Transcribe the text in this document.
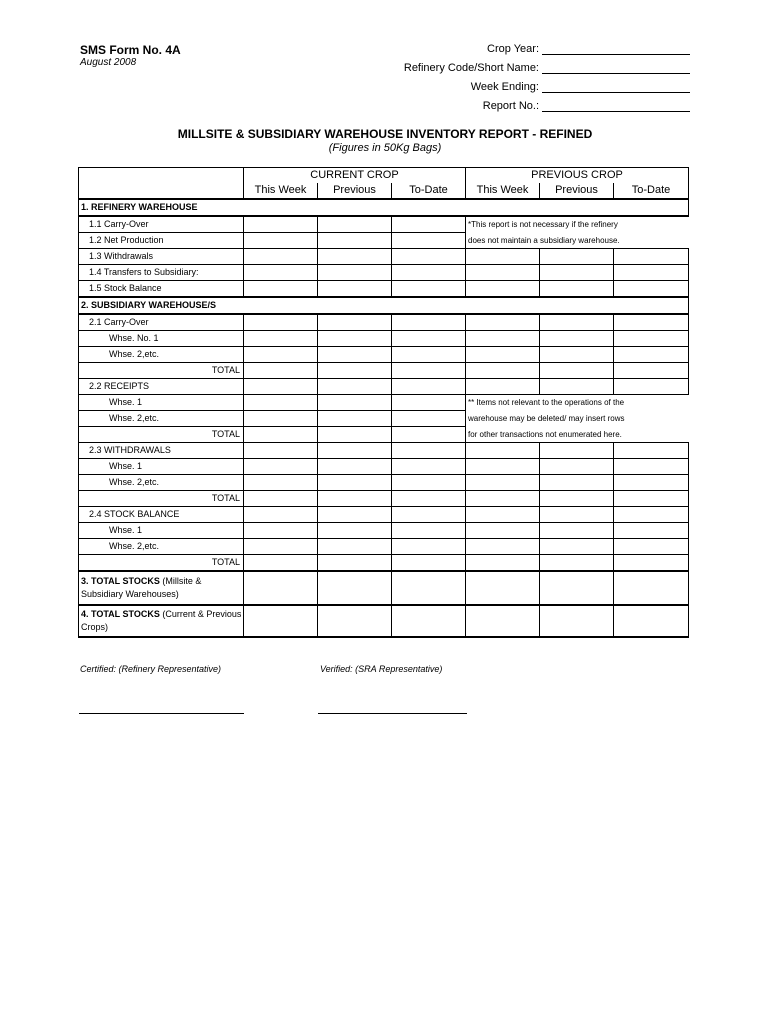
SMS Form No. 4A
August 2008
Crop Year:
Refinery Code/Short Name:
Week Ending:
Report No.:
MILLSITE & SUBSIDIARY WAREHOUSE INVENTORY REPORT - REFINED
(Figures in 50Kg Bags)
	CURRENT CROP			PREVIOUS CROP		
	This Week	Previous	To-Date	This Week	Previous	To-Date
1. REFINERY WAREHOUSE						
1.1 Carry-Over				*This report is not necessary if the refinery		
1.2 Net Production				does not maintain a subsidiary warehouse.		
1.3 Withdrawals						
1.4 Transfers to Subsidiary:						
1.5 Stock Balance						
2. SUBSIDIARY WAREHOUSE/S						
2.1 Carry-Over						
Whse. No. 1						
Whse. 2,etc.						
TOTAL						
2.2 RECEIPTS						
Whse. 1				** Items not relevant to the operations of the		
Whse. 2,etc.				warehouse may be deleted/ may insert rows		
TOTAL				for other transactions not enumerated here.		
2.3 WITHDRAWALS						
Whse. 1						
Whse. 2,etc.						
TOTAL						
2.4 STOCK BALANCE						
Whse. 1						
Whse. 2,etc.						
TOTAL						
3. TOTAL STOCKS (Millsite & Subsidiary Warehouses)						
4. TOTAL STOCKS (Current & Previous Crops)						
Certified: (Refinery Representative)	Verified: (SRA Representative)
